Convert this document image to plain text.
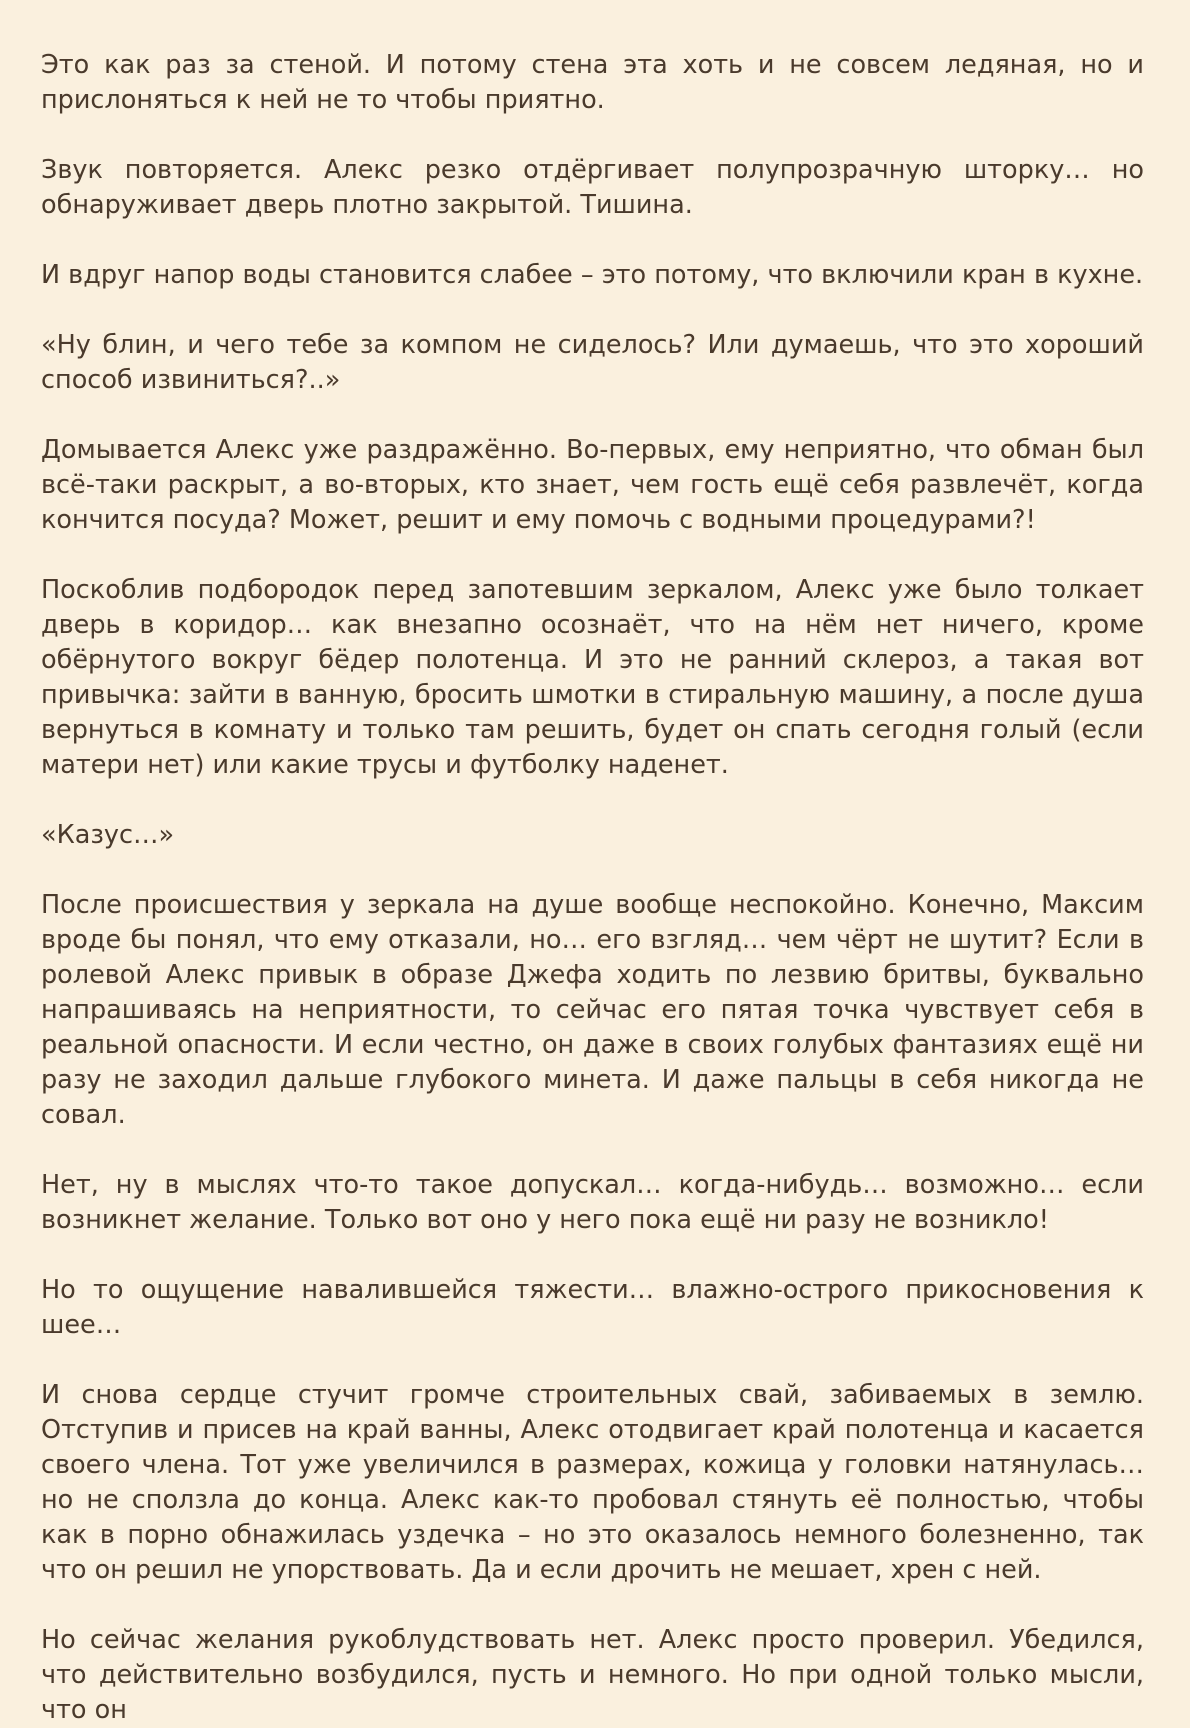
Это как раз за стеной. И потому стена эта хоть и не совсем ледяная, но и прислоняться к ней не то чтобы приятно.

Звук повторяется. Алекс резко отдёргивает полупрозрачную шторку… но обнаруживает дверь плотно закрытой. Тишина.

И вдруг напор воды становится слабее – это потому, что включили кран в кухне.

«Ну блин, и чего тебе за компом не сиделось? Или думаешь, что это хороший способ извиниться?..»

Домывается Алекс уже раздражённо. Во-первых, ему неприятно, что обман был всё-таки раскрыт, а во-вторых, кто знает, чем гость ещё себя развлечёт, когда кончится посуда? Может, решит и ему помочь с водными процедурами?!

Поскоблив подбородок перед запотевшим зеркалом, Алекс уже было толкает дверь в коридор… как внезапно осознаёт, что на нём нет ничего, кроме обёрнутого вокруг бёдер полотенца. И это не ранний склероз, а такая вот привычка: зайти в ванную, бросить шмотки в стиральную машину, а после душа вернуться в комнату и только там решить, будет он спать сегодня голый (если матери нет) или какие трусы и футболку наденет.

«Казус…»

После происшествия у зеркала на душе вообще неспокойно. Конечно, Максим вроде бы понял, что ему отказали, но… его взгляд… чем чёрт не шутит? Если в ролевой Алекс привык в образе Джефа ходить по лезвию бритвы, буквально напрашиваясь на неприятности, то сейчас его пятая точка чувствует себя в реальной опасности. И если честно, он даже в своих голубых фантазиях ещё ни разу не заходил дальше глубокого минета. И даже пальцы в себя никогда не совал.

Нет, ну в мыслях что-то такое допускал… когда-нибудь… возможно… если возникнет желание. Только вот оно у него пока ещё ни разу не возникло!

Но то ощущение навалившейся тяжести… влажно-острого прикосновения к шее…

И снова сердце стучит громче строительных свай, забиваемых в землю. Отступив и присев на край ванны, Алекс отодвигает край полотенца и касается своего члена. Тот уже увеличился в размерах, кожица у головки натянулась… но не сползла до конца. Алекс как-то пробовал стянуть её полностью, чтобы как в порно обнажилась уздечка – но это оказалось немного болезненно, так что он решил не упорствовать. Да и если дрочить не мешает, хрен с ней.

Но сейчас желания рукоблудствовать нет. Алекс просто проверил. Убедился, что действительно возбудился, пусть и немного. Но при одной только мысли, что он
